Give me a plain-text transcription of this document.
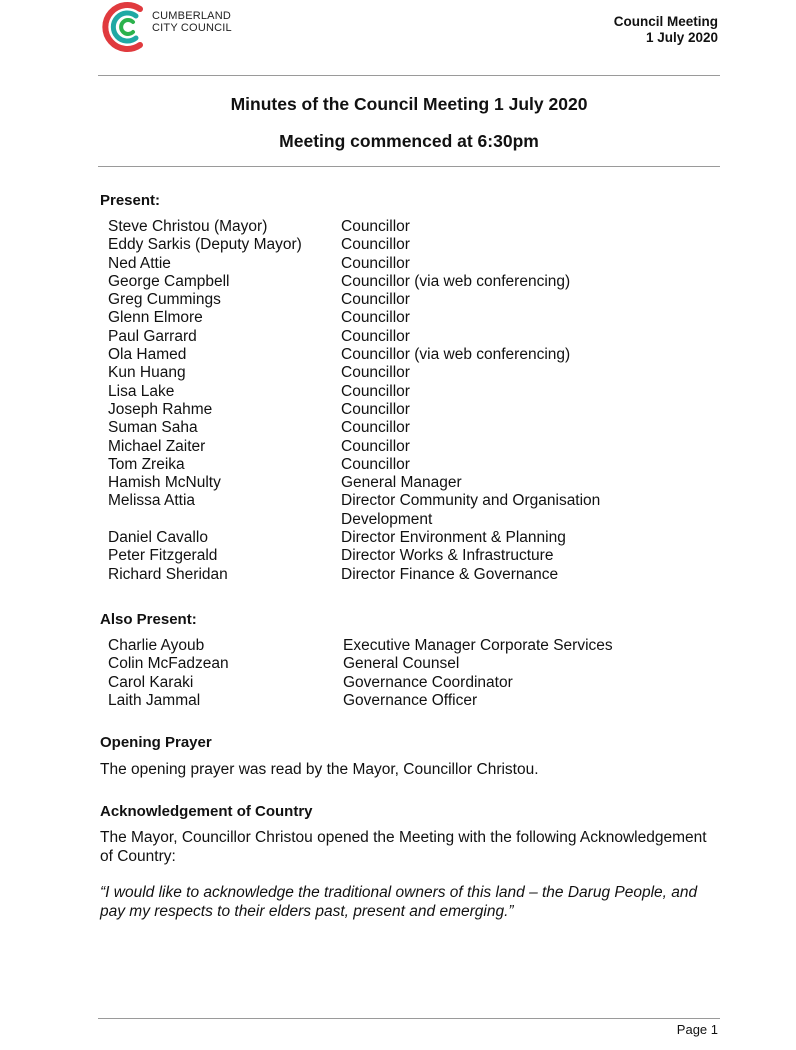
CUMBERLAND
CITY COUNCIL	Council Meeting
1 July 2020
Minutes of the Council Meeting 1 July 2020
Meeting commenced at 6:30pm
Present:
Steve Christou (Mayor)	Councillor
Eddy Sarkis (Deputy Mayor)	Councillor
Ned Attie	Councillor
George Campbell	Councillor (via web conferencing)
Greg Cummings	Councillor
Glenn Elmore	Councillor
Paul Garrard	Councillor
Ola Hamed	Councillor (via web conferencing)
Kun Huang	Councillor
Lisa Lake	Councillor
Joseph Rahme	Councillor
Suman Saha	Councillor
Michael Zaiter	Councillor
Tom Zreika	Councillor
Hamish McNulty	General Manager
Melissa Attia	Director Community and Organisation Development
Daniel Cavallo	Director Environment & Planning
Peter Fitzgerald	Director Works & Infrastructure
Richard Sheridan	Director Finance & Governance
Also Present:
Charlie Ayoub	Executive Manager Corporate Services
Colin McFadzean	General Counsel
Carol Karaki	Governance Coordinator
Laith Jammal	Governance Officer
Opening Prayer
The opening prayer was read by the Mayor, Councillor Christou.
Acknowledgement of Country
The Mayor, Councillor Christou opened the Meeting with the following Acknowledgement of Country:
“I would like to acknowledge the traditional owners of this land – the Darug People, and pay my respects to their elders past, present and emerging.”
Page 1
